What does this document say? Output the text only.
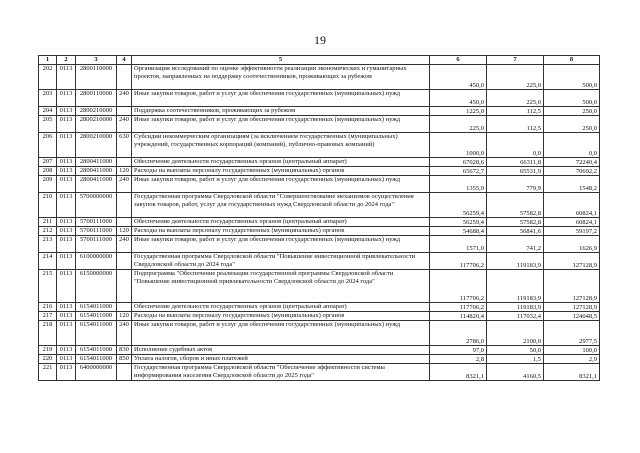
19
1	2	3	4	5	6	7	8
202	0113	2800110000		Организация исследований по оценке эффективности реализации экономических и гуманитарных проектов, направленных на поддержку соотечественников, проживающих за рубежом	450,0	225,0	500,0
203	0113	2800110000	240	Иные закупки товаров, работ и услуг для обеспечения государственных (муниципальных) нужд	450,0	225,0	500,0
204	0113	2800210000		Поддержка соотечественников, проживающих за рубежом	1225,0	112,5	250,0
205	0113	2800210000	240	Иные закупки товаров, работ и услуг для обеспечения государственных (муниципальных) нужд	225,0	112,5	250,0
206	0113	2800210000	630	Субсидии некоммерческим организациям (за исключением государственных (муниципальных) учреждений, государственных корпораций (компаний), публично-правовых компаний)	1000,0	0,0	0,0
207	0113	2800411000		Обеспечение деятельности государственных органов (центральный аппарат)	67028,6	66311,8	72240,4
208	0113	2800411000	120	Расходы на выплаты персоналу государственных (муниципальных) органов	65672,7	65531,9	70692,2
209	0113	2800411000	240	Иные закупки товаров, работ и услуг для обеспечения государственных (муниципальных) нужд	1355,9	779,9	1548,2
210	0113	5700000000		Государственная программа Свердловской области "Совершенствование механизмов осуществления закупок товаров, работ, услуг для государственных нужд Свердловской области до 2024 года"	56259,4	57582,8	60824,1
211	0113	5700111000		Обеспечение деятельности государственных органов (центральный аппарат)	56259,4	57582,8	60824,1
212	0113	5700111000	120	Расходы на выплаты персоналу государственных (муниципальных) органов	54688,4	56841,6	59197,2
213	0113	5700111000	240	Иные закупки товаров, работ и услуг для обеспечения государственных (муниципальных) нужд	1571,0	741,2	1626,9
214	0113	6100000000		Государственная программа Свердловской области "Повышение инвестиционной привлекательности Свердловской области до 2024 года"	117706,2	119183,9	127128,9
215	0113	6150000000		Подпрограмма "Обеспечение реализации государственной программы Свердловской области "Повышение инвестиционной привлекательности Свердловской области до 2024 года"	117706,2	119183,9	127128,9
216	0113	6154011000		Обеспечение деятельности государственных органов (центральный аппарат)	117706,2	119183,9	127128,9
217	0113	6154011000	120	Расходы на выплаты персоналу государственных (муниципальных) органов	114820,4	117032,4	124048,5
218	0113	6154011000	240	Иные закупки товаров, работ и услуг для обеспечения государственных (муниципальных) нужд	2786,0	2100,0	2977,5
219	0113	6154011000	830	Исполнение судебных актов	97,0	50,0	100,0
220	0113	6154011000	850	Уплата налогов, сборов и иных платежей	2,8	1,5	2,9
221	0113	6400000000		Государственная программа Свердловской области "Обеспечение эффективности системы информирования населения Свердловской области до 2025 года"	8321,1	4160,5	8321,1
